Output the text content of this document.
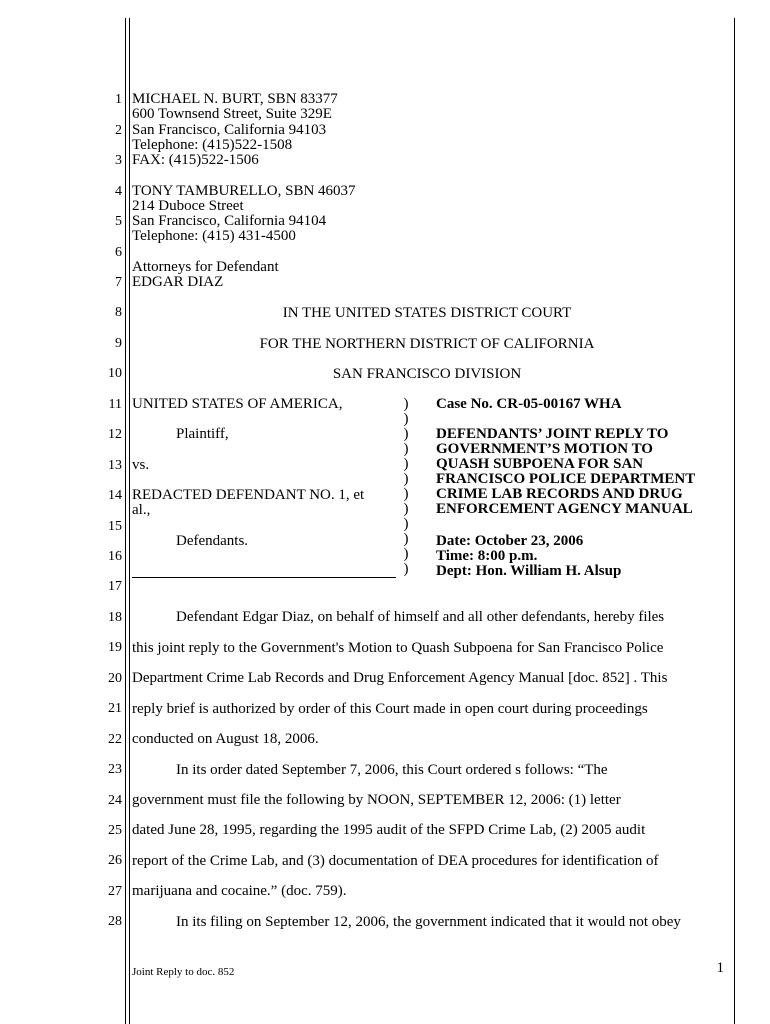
1
2
3
4
5
6
7
8
9
10
11
12
13
14
15
16
17
18
19
20
21
22
23
24
25
26
27
28
MICHAEL N. BURT, SBN 83377
600 Townsend Street, Suite 329E
San Francisco, California 94103
Telephone: (415)522-1508
FAX: (415)522-1506
TONY TAMBURELLO, SBN 46037
214 Duboce Street
San Francisco, California 94104
Telephone: (415) 431-4500
Attorneys for Defendant
EDGAR DIAZ
IN THE UNITED STATES DISTRICT COURT
FOR THE NORTHERN DISTRICT OF CALIFORNIA
SAN FRANCISCO DIVISION
UNITED STATES OF AMERICA,
Plaintiff,
vs.
REDACTED DEFENDANT NO. 1, et
al.,
Defendants.
)
)
)
)
)
)
)
)
)
)
)
)
Case No. CR-05-00167 WHA
DEFENDANTS’ JOINT REPLY TO
GOVERNMENT’S MOTION TO
QUASH SUBPOENA FOR SAN
FRANCISCO POLICE DEPARTMENT
CRIME LAB RECORDS AND DRUG
ENFORCEMENT AGENCY MANUAL
Date: October 23, 2006
Time: 8:00 p.m.
Dept: Hon. William H. Alsup
Defendant Edgar Diaz, on behalf of himself and all other defendants, hereby files
this joint reply to the Government's Motion to Quash Subpoena for San Francisco Police
Department Crime Lab Records and Drug Enforcement Agency Manual [doc. 852] . This
reply brief is authorized by order of this Court made in open court during proceedings
conducted on August 18, 2006.
In its order dated September 7, 2006, this Court ordered s follows: “The
government must file the following by NOON, SEPTEMBER 12, 2006: (1) letter
dated June 28, 1995, regarding the 1995 audit of the SFPD Crime Lab, (2) 2005 audit
report of the Crime Lab, and (3) documentation of DEA procedures for identification of
marijuana and cocaine.” (doc. 759).
In its filing on September 12, 2006, the government indicated that it would not obey
Joint Reply to doc. 852	1
